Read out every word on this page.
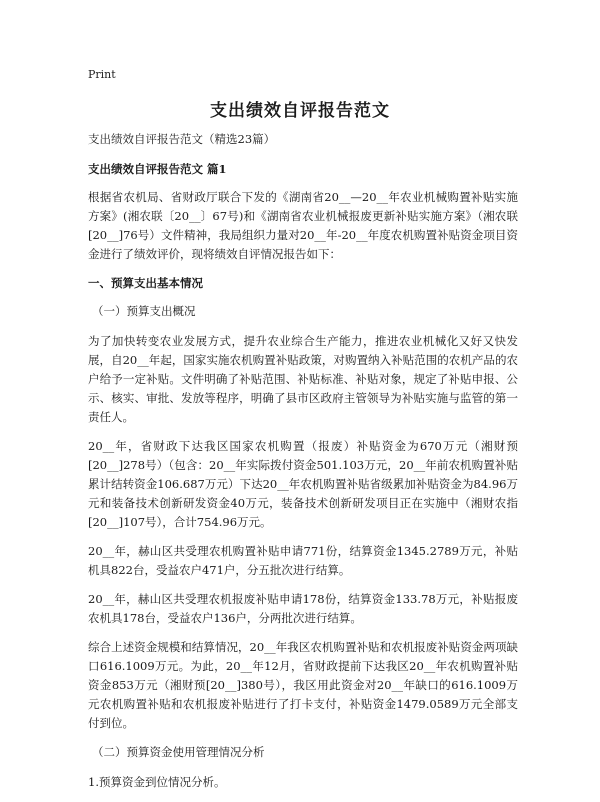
Print
支出绩效自评报告范文

支出绩效自评报告范文（精选23篇）

支出绩效自评报告范文 篇1

根据省农机局、省财政厅联合下发的《湖南省20__—20__年农业机械购置补贴实施方案》(湘农联〔20__〕67号)和《湖南省农业机械报废更新补贴实施方案》（湘农联[20__]76号）文件精神，我局组织力量对20__年-20__年度农机购置补贴资金项目资金进行了绩效评价，现将绩效自评情况报告如下：

一、预算支出基本情况

（一）预算支出概况

为了加快转变农业发展方式，提升农业综合生产能力，推进农业机械化又好又快发展，自20__年起，国家实施农机购置补贴政策，对购置纳入补贴范围的农机产品的农户给予一定补贴。文件明确了补贴范围、补贴标准、补贴对象，规定了补贴申报、公示、核实、审批、发放等程序，明确了县市区政府主管领导为补贴实施与监管的第一责任人。

20__年，省财政下达我区国家农机购置（报废）补贴资金为670万元（湘财预[20__]278号）（包含：20__年实际拨付资金501.103万元，20__年前农机购置补贴累计结转资金106.687万元）下达20__年农机购置补贴省级累加补贴资金为84.96万元和装备技术创新研发资金40万元，装备技术创新研发项目正在实施中（湘财农指[20__]107号），合计754.96万元。

20__年，赫山区共受理农机购置补贴申请771份，结算资金1345.2789万元，补贴机具822台，受益农户471户，分五批次进行结算。

20__年，赫山区共受理农机报废补贴申请178份，结算资金133.78万元，补贴报废农机具178台，受益农户136户，分两批次进行结算。

综合上述资金规模和结算情况，20__年我区农机购置补贴和农机报废补贴资金两项缺口616.1009万元。为此，20__年12月，省财政提前下达我区20__年农机购置补贴资金853万元（湘财预[20__]380号），我区用此资金对20__年缺口的616.1009万元农机购置补贴和农机报废补贴进行了打卡支付，补贴资金1479.0589万元全部支付到位。

（二）预算资金使用管理情况分析

1.预算资金到位情况分析。
